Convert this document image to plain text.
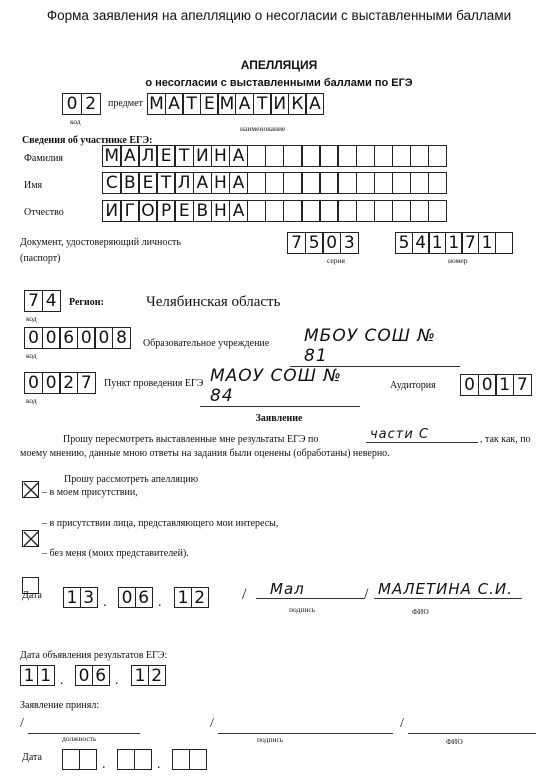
Форма заявления на апелляцию о несогласии с выставленными баллами
АПЕЛЛЯЦИЯ
о несогласии с выставленными баллами по ЕГЭ
0 2
код
предмет М А Т Е М А Т И К А
наименование
Сведения об участнике ЕГЭ:
Фамилия М А Л Е Т И Н А
Имя	С В Е Т Л А Н А
Отчество И Г О Р Е В Н А
Документ, удостоверяющий личность
(паспорт)
7 5 0 3
серия
5 4 1 1 7 1
номер
7 4
код
Регион:	Челябинская область
0 0 6 0 0 8
код
Образовательное учреждение	МБОУ СОШ № 81
0 0 2 7
код
Пункт проведения ЕГЭ МАОУ СОШ № 84
Аудитория 0 0 1 7
Заявление
Прошу пересмотреть выставленные мне результаты ЕГЭ по	части С	, так как, по
моему мнению, данные мною ответы на задания были оценены (обработаны) неверно.
Прошу рассмотреть апелляцию
– в моем присутствии,
– в присутствии лица, представляющего мои интересы,
– без меня (моих представителей).
Дата 1 3 . 0 6 . 1 2 /	Мал
подпись
/ МАЛЕТИНА С.И.
ФИО
Дата объявления результатов ЕГЭ:
1 1 . 0 6 . 1 2
Заявление принял:
/
должность
/
подпись
/
ФИО
Дата	.	.
